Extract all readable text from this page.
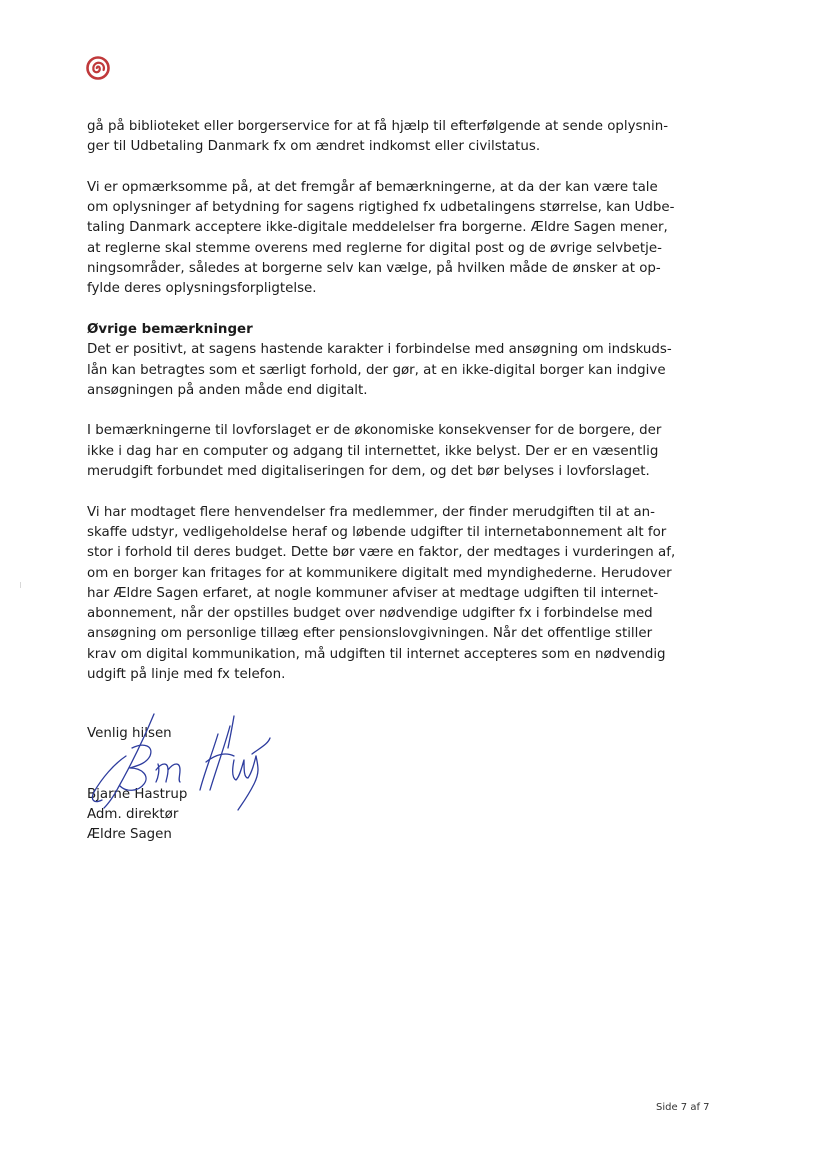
gå på biblioteket eller borgerservice for at få hjælp til efterfølgende at sende oplysnin-
ger til Udbetaling Danmark fx om ændret indkomst eller civilstatus.
Vi er opmærksomme på, at det fremgår af bemærkningerne, at da der kan være tale
om oplysninger af betydning for sagens rigtighed fx udbetalingens størrelse, kan Udbe-
taling Danmark acceptere ikke-digitale meddelelser fra borgerne. Ældre Sagen mener,
at reglerne skal stemme overens med reglerne for digital post og de øvrige selvbetje-
ningsområder, således at borgerne selv kan vælge, på hvilken måde de ønsker at op-
fylde deres oplysningsforpligtelse.
Øvrige bemærkninger
Det er positivt, at sagens hastende karakter i forbindelse med ansøgning om indskuds-
lån kan betragtes som et særligt forhold, der gør, at en ikke-digital borger kan indgive
ansøgningen på anden måde end digitalt.
I bemærkningerne til lovforslaget er de økonomiske konsekvenser for de borgere, der
ikke i dag har en computer og adgang til internettet, ikke belyst. Der er en væsentlig
merudgift forbundet med digitaliseringen for dem, og det bør belyses i lovforslaget.
Vi har modtaget flere henvendelser fra medlemmer, der finder merudgiften til at an-
skaffe udstyr, vedligeholdelse heraf og løbende udgifter til internetabonnement alt for
stor i forhold til deres budget. Dette bør være en faktor, der medtages i vurderingen af,
om en borger kan fritages for at kommunikere digitalt med myndighederne. Herudover
har Ældre Sagen erfaret, at nogle kommuner afviser at medtage udgiften til internet-
abonnement, når der opstilles budget over nødvendige udgifter fx i forbindelse med
ansøgning om personlige tillæg efter pensionslovgivningen. Når det offentlige stiller
krav om digital kommunikation, må udgiften til internet accepteres som en nødvendig
udgift på linje med fx telefon.
Venlig hilsen
Bjarne Hastrup
Adm. direktør
Ældre Sagen
Side 7 af 7
